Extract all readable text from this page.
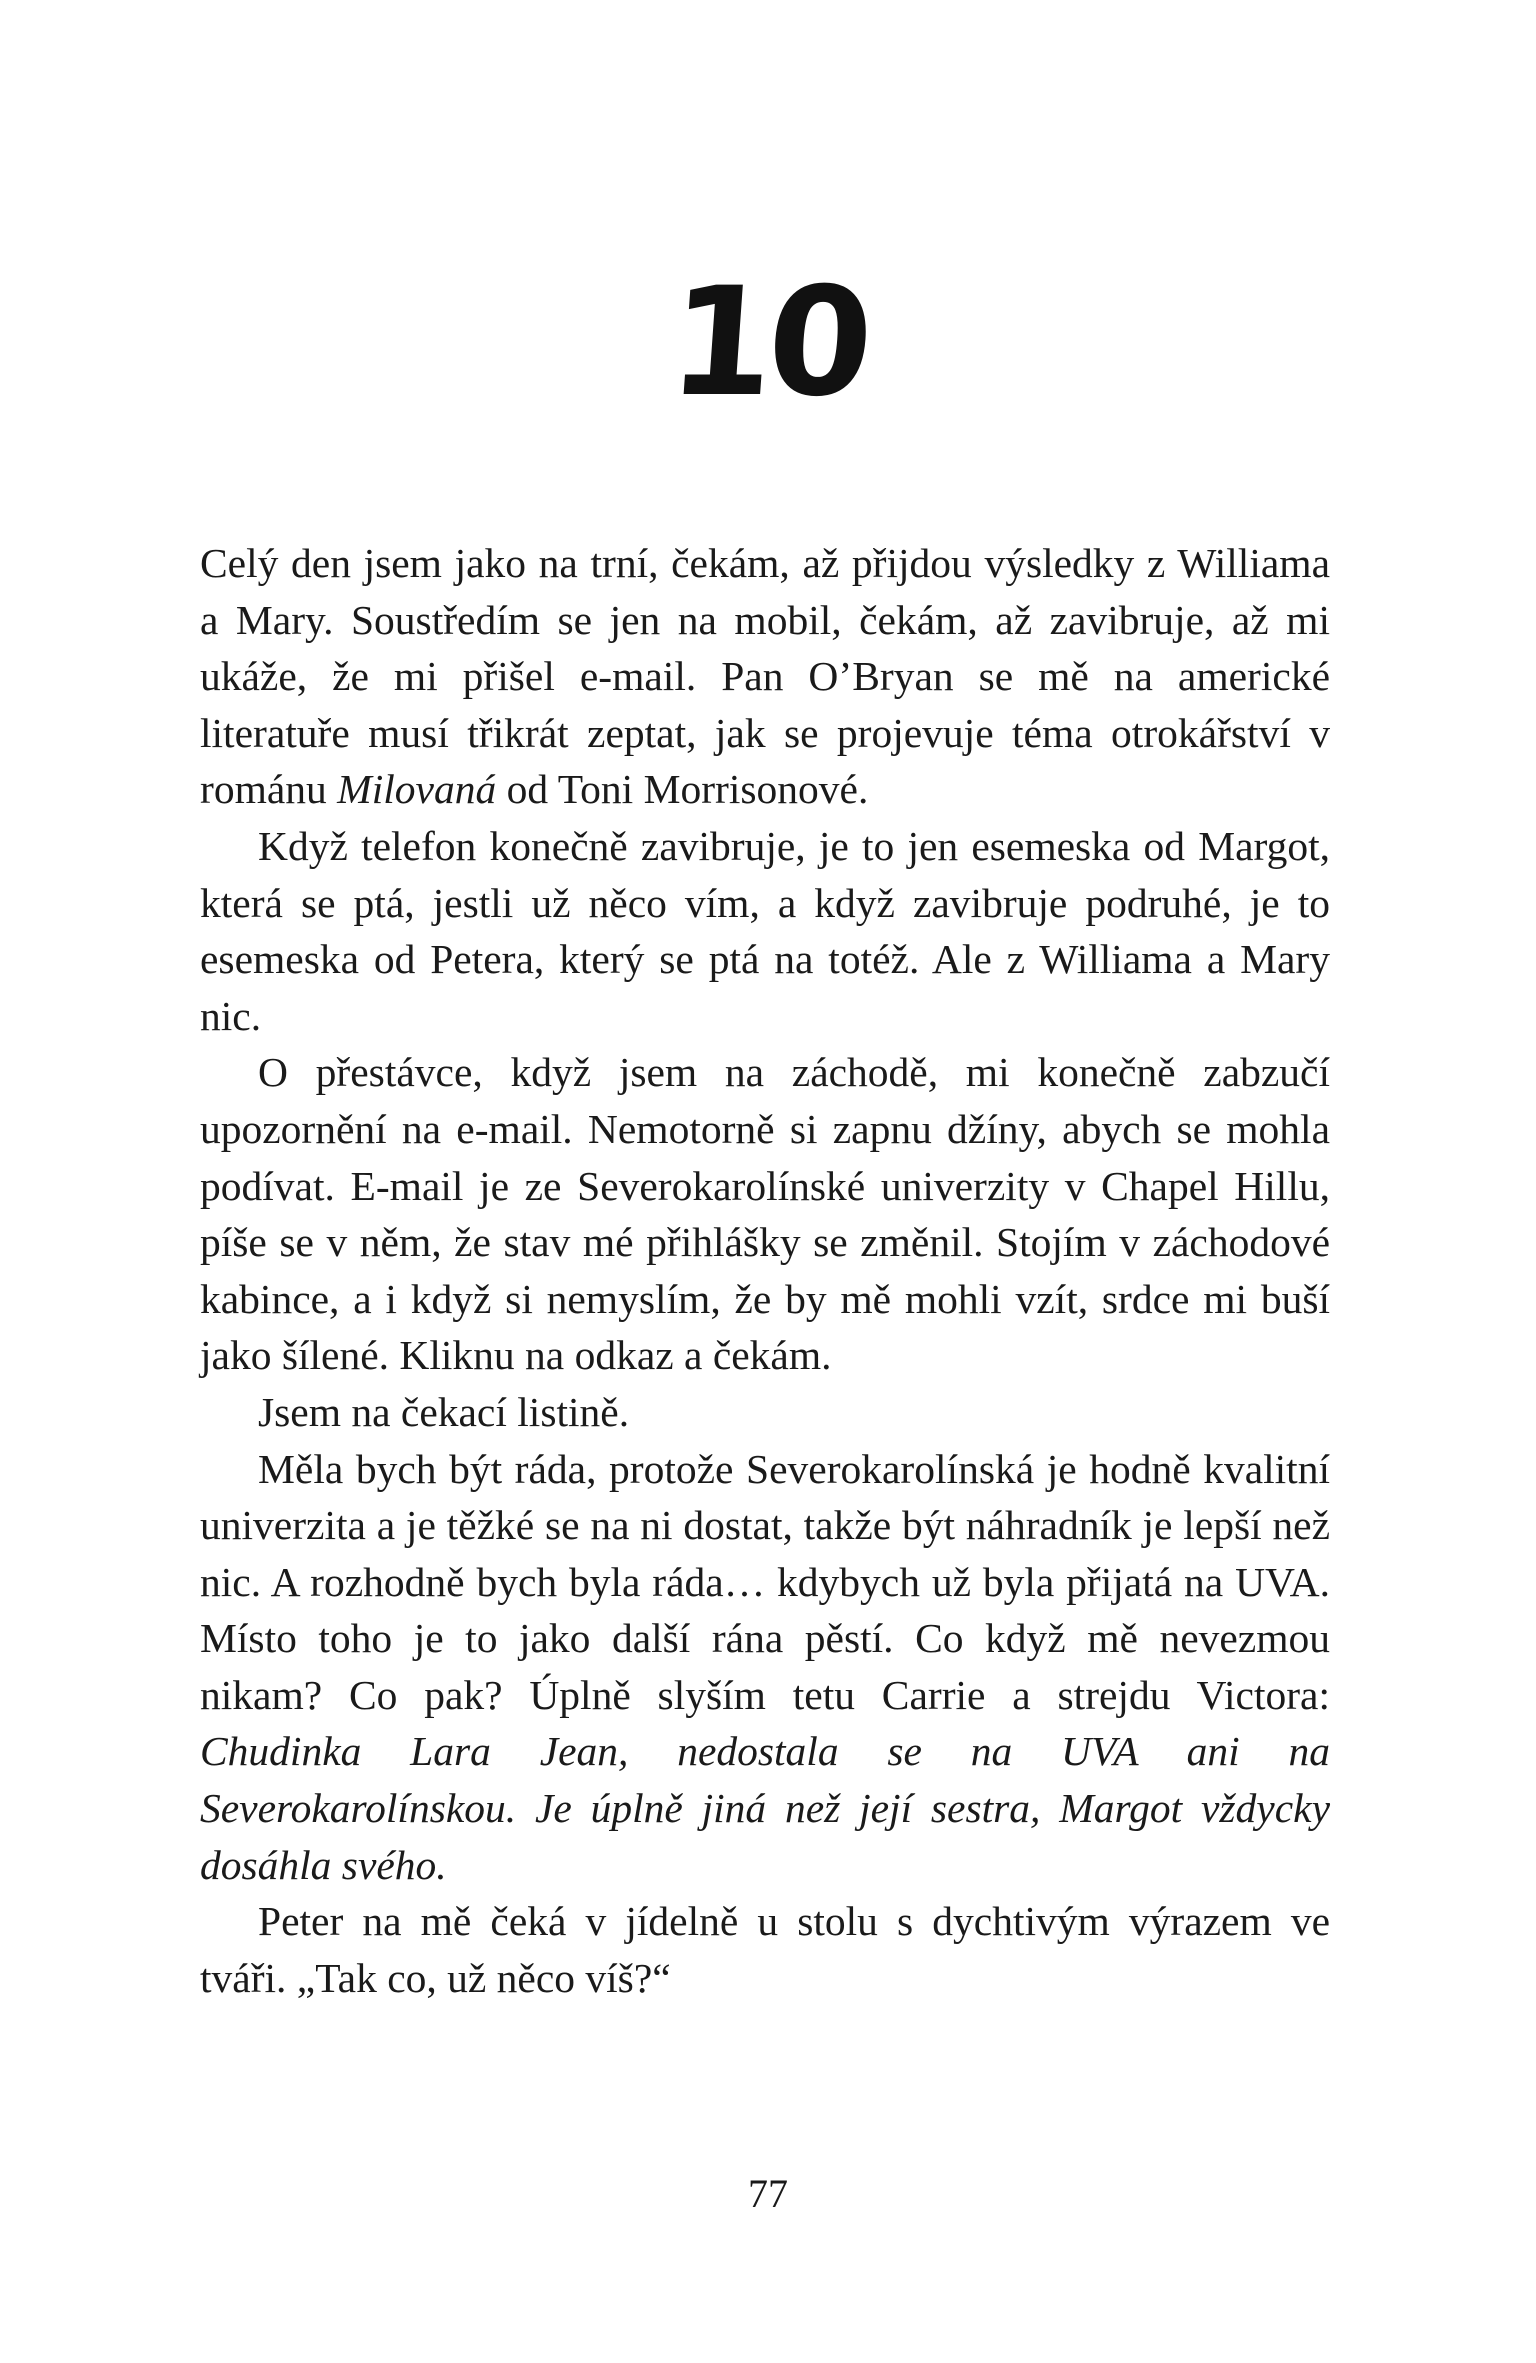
10

Celý den jsem jako na trní, čekám, až přijdou výsledky z Williama a Mary. Soustředím se jen na mobil, čekám, až zavibruje, až mi ukáže, že mi přišel e-mail. Pan O’Bryan se mě na americké literatuře musí třikrát zeptat, jak se projevuje téma otrokářství v románu Milovaná od Toni Morrisonové.

Když telefon konečně zavibruje, je to jen esemeska od Margot, která se ptá, jestli už něco vím, a když zavibruje podruhé, je to esemeska od Petera, který se ptá na totéž. Ale z Williama a Mary nic.

O přestávce, když jsem na záchodě, mi konečně zabzučí upozornění na e-mail. Nemotorně si zapnu džíny, abych se mohla podívat. E-mail je ze Severokarolínské univerzity v Chapel Hillu, píše se v něm, že stav mé přihlášky se změnil. Stojím v záchodové kabince, a i když si nemyslím, že by mě mohli vzít, srdce mi buší jako šílené. Kliknu na odkaz a čekám.

Jsem na čekací listině.

Měla bych být ráda, protože Severokarolínská je hodně kvalitní univerzita a je těžké se na ni dostat, takže být náhradník je lepší než nic. A rozhodně bych byla ráda… kdybych už byla přijatá na UVA. Místo toho je to jako další rána pěstí. Co když mě nevezmou nikam? Co pak? Úplně slyším tetu Carrie a strejdu Victora: Chudinka Lara Jean, nedostala se na UVA ani na Severokarolínskou. Je úplně jiná než její sestra, Margot vždycky dosáhla svého.

Peter na mě čeká v jídelně u stolu s dychtivým výrazem ve tváři. „Tak co, už něco víš?“

77
